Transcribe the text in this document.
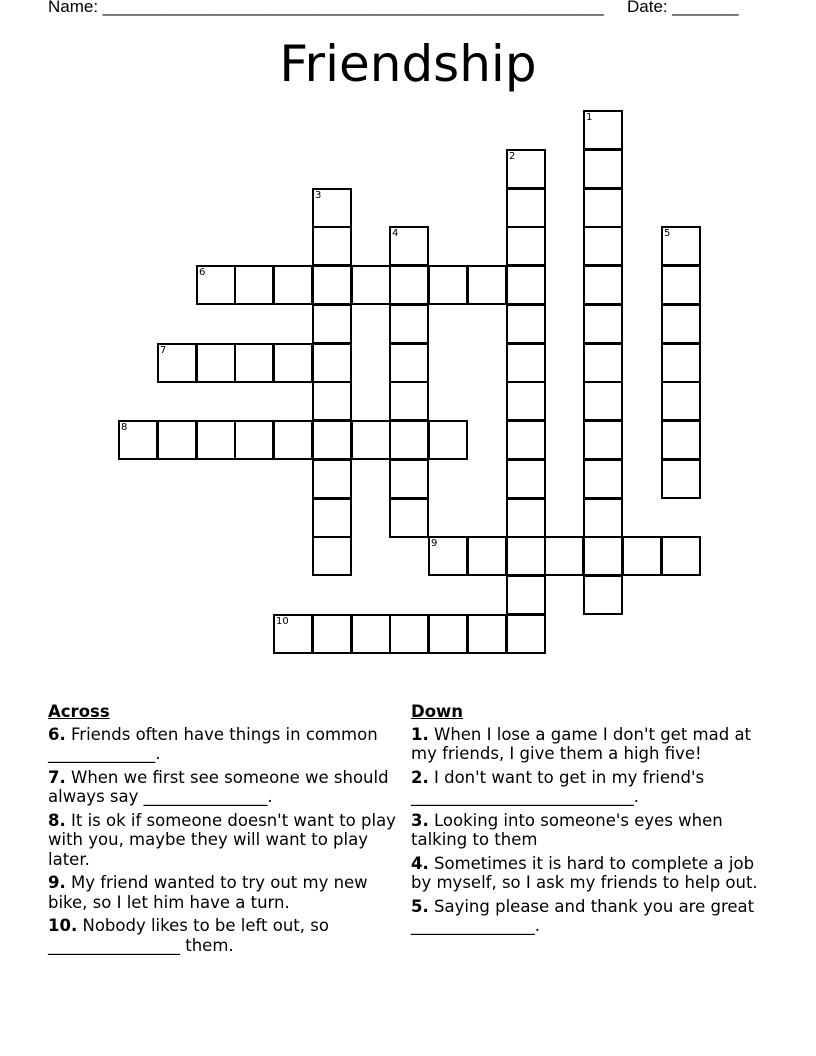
Name: _____________________________________________________ Date: _______
Friendship
1
2
3
4	5
6
7
8
9
10
Across
6. Friends often have things in common _____________.
7. When we first see someone we should always say _______________.
8. It is ok if someone doesn't want to play with you, maybe they will want to play later.
9. My friend wanted to try out my new bike, so I let him have a turn.
10. Nobody likes to be left out, so ________________ them.
Down
1. When I lose a game I don't get mad at my friends, I give them a high five!
2. I don't want to get in my friend's ___________________________.
3. Looking into someone's eyes when talking to them
4. Sometimes it is hard to complete a job by myself, so I ask my friends to help out.
5. Saying please and thank you are great _______________.
